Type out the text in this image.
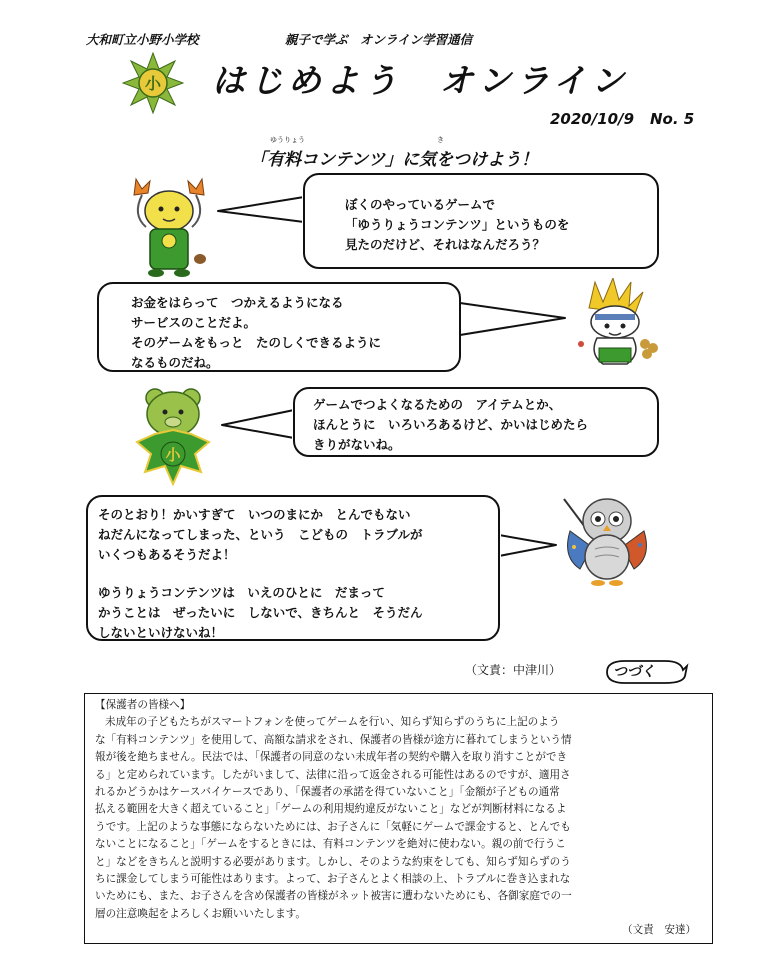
大和町立小野小学校	親子で学ぶ　オンライン学習通信
小 はじめよう　オンライン
2020/10/9 No. 5
ゆうりょう	き
「有料コンテンツ」に気をつけよう！

ぼくのやっているゲームで

「ゆうりょうコンテンツ」というものを

見たのだけど、それはなんだろう？

お金をはらって　つかえるようになる

サービスのことだよ。

そのゲームをもっと　たのしくできるように

なるものだね。

ゲームでつよくなるための　アイテムとか、

ほんとうに　いろいろあるけど、かいはじめたら

きりがないね。

そのとおり！かいすぎて　いつのまにか　とんでもない

ねだんになってしまった、という　こどもの　トラブルが

いくつもあるそうだよ！

ゆうりょうコンテンツは　いえのひとに　だまって

かうことは　ぜったいに　しないで、きちんと　そうだん

しないといけないね！

小
（文責：中津川）	つづく

【保護者の皆様へ】

未成年の子どもたちがスマートフォンを使ってゲームを行い、知らず知らずのうちに上記のよう

な「有料コンテンツ」を使用して、高額な請求をされ、保護者の皆様が途方に暮れてしまうという情

報が後を絶ちません。民法では、「保護者の同意のない未成年者の契約や購入を取り消すことができ

る」と定められています。したがいまして、法律に沿って返金される可能性はあるのですが、適用さ

れるかどうかはケースバイケースであり、「保護者の承諾を得ていないこと」「金額が子どもの通常

払える範囲を大きく超えていること」「ゲームの利用規約違反がないこと」などが判断材料になるよ

うです。上記のような事態にならないためには、お子さんに「気軽にゲームで課金すると、とんでも

ないことになること」「ゲームをするときには、有料コンテンツを絶対に使わない。親の前で行うこ

と」などをきちんと説明する必要があります。しかし、そのような約束をしても、知らず知らずのう

ちに課金してしまう可能性はあります。よって、お子さんとよく相談の上、トラブルに巻き込まれな

いためにも、また、お子さんを含め保護者の皆様がネット被害に遭わないためにも、各御家庭での一

層の注意喚起をよろしくお願いいたします。

（文責　安達）
